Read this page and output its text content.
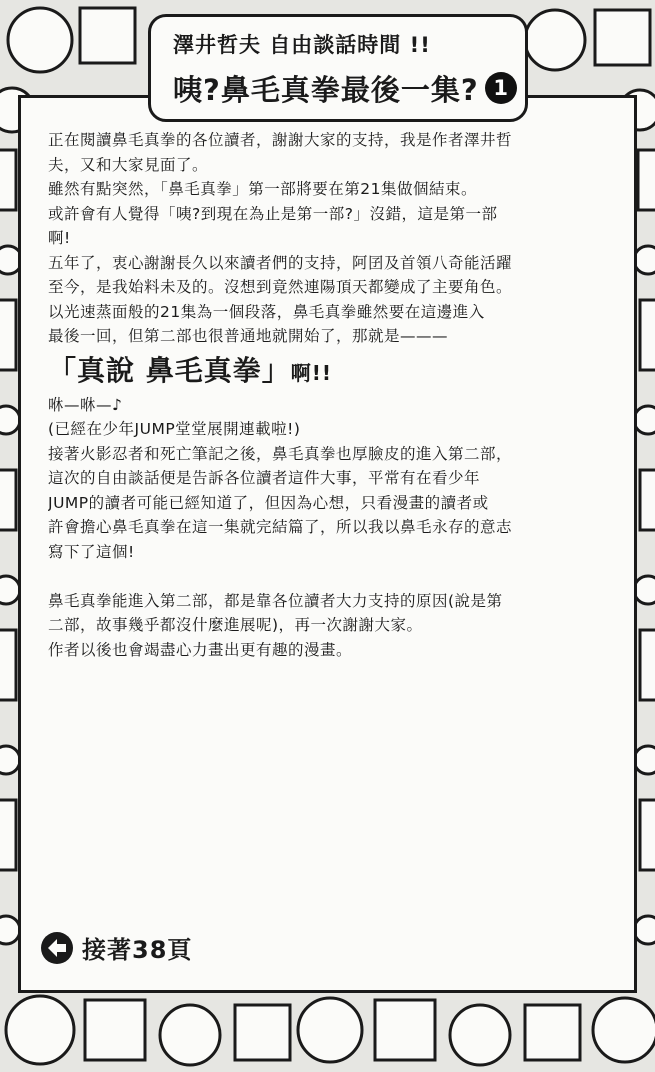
澤井哲夫 自由談話時間 !!
咦?鼻毛真拳最後一集? 1
正在閱讀鼻毛真拳的各位讀者，謝謝大家的支持，我是作者澤井哲
夫，又和大家見面了。
雖然有點突然，「鼻毛真拳」第一部將要在第21集做個結束。
或許會有人覺得「咦?到現在為止是第一部?」沒錯，這是第一部
啊!
五年了，衷心謝謝長久以來讀者們的支持，阿囝及首領八奇能活躍
至今，是我始料未及的。沒想到竟然連陽頂天都變成了主要角色。
以光速蒸面般的21集為一個段落，鼻毛真拳雖然要在這邊進入
最後一回，但第二部也很普通地就開始了，那就是———
「真說 鼻毛真拳」啊!!
咻—咻—♪
(已經在少年JUMP堂堂展開連載啦!)
接著火影忍者和死亡筆記之後，鼻毛真拳也厚臉皮的進入第二部，
這次的自由談話便是告訴各位讀者這件大事，平常有在看少年
JUMP的讀者可能已經知道了，但因為心想，只看漫畫的讀者或
許會擔心鼻毛真拳在這一集就完結篇了，所以我以鼻毛永存的意志
寫下了這個!
鼻毛真拳能進入第二部，都是靠各位讀者大力支持的原因(說是第
二部，故事幾乎都沒什麼進展呢)，再一次謝謝大家。
作者以後也會竭盡心力畫出更有趣的漫畫。
接著38頁
